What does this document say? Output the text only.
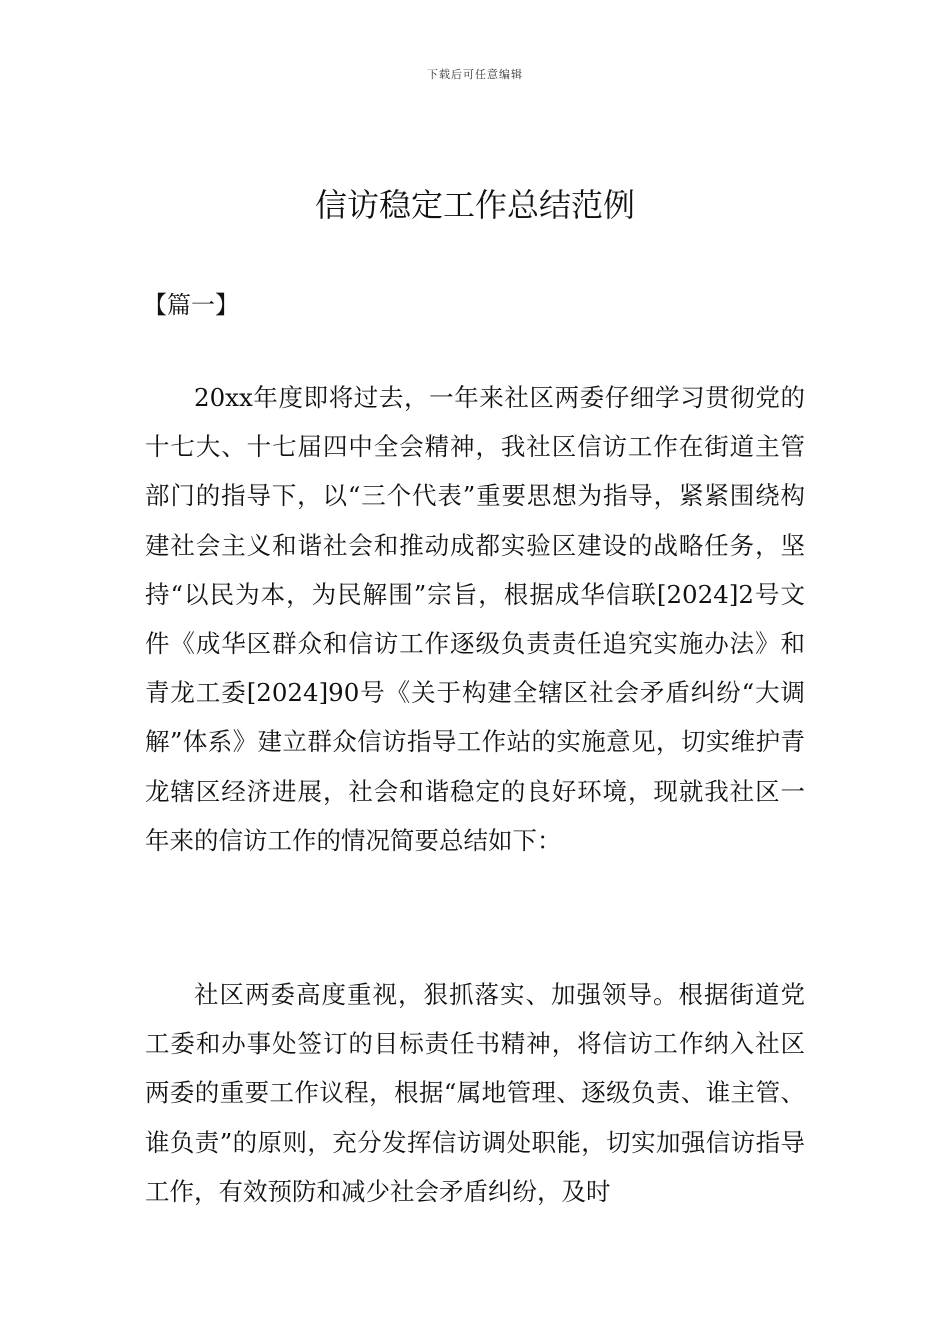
下载后可任意编辑
信访稳定工作总结范例

【篇一】

20xx年度即将过去，一年来社区两委仔细学习贯彻党的十七大、十七届四中全会精神，我社区信访工作在街道主管部门的指导下，以“三个代表”重要思想为指导，紧紧围绕构建社会主义和谐社会和推动成都实验区建设的战略任务，坚持“以民为本，为民解围”宗旨，根据成华信联[2024]2号文件《成华区群众和信访工作逐级负责责任追究实施办法》和青龙工委[2024]90号《关于构建全辖区社会矛盾纠纷“大调解”体系》建立群众信访指导工作站的实施意见，切实维护青龙辖区经济进展，社会和谐稳定的良好环境，现就我社区一年来的信访工作的情况简要总结如下：

社区两委高度重视，狠抓落实、加强领导。根据街道党工委和办事处签订的目标责任书精神，将信访工作纳入社区两委的重要工作议程，根据“属地管理、逐级负责、谁主管、谁负责”的原则，充分发挥信访调处职能，切实加强信访指导工作，有效预防和减少社会矛盾纠纷，及时
